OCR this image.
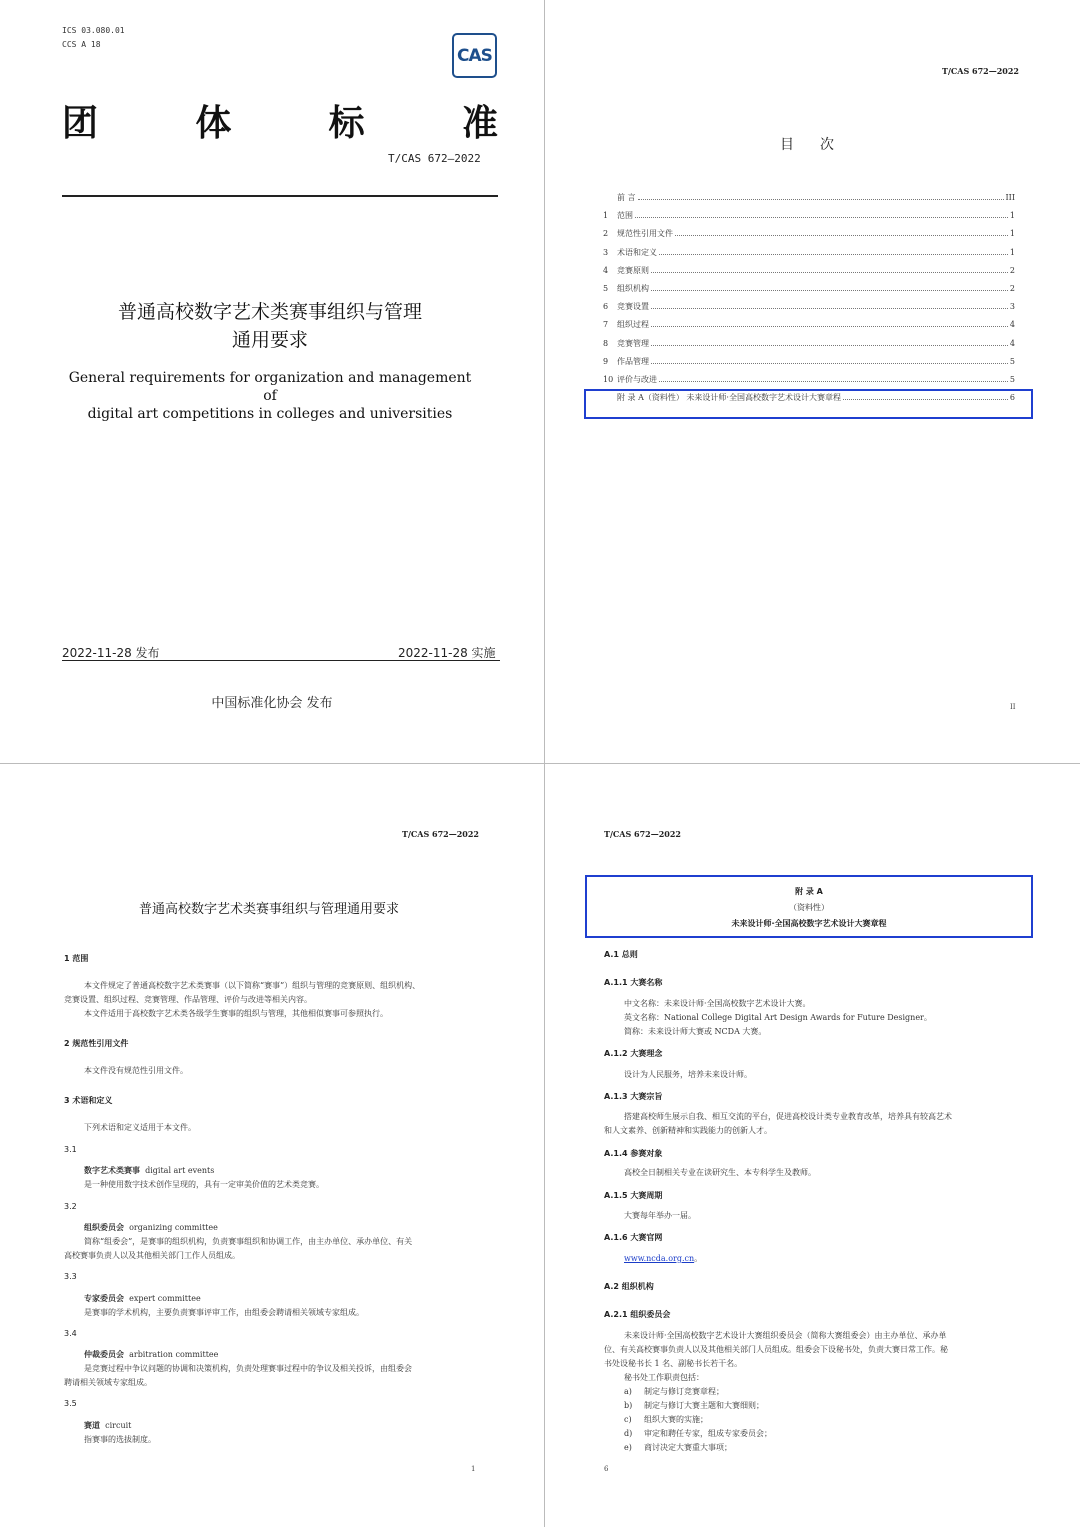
ICS 03.080.01
CCS A 18
CAS
团	体	标	准
T/CAS 672—2022
普通高校数字艺术类赛事组织与管理
通用要求
General requirements for organization and management of
digital art competitions in colleges and universities
2022-11-28 发布	2022-11-28 实施
中国标准化协会 发布
T/CAS 672—2022
目次
前 言	III
1	范围	1
2	规范性引用文件	1
3	术语和定义	1
4	竞赛原则	2
5	组织机构	2
6	竞赛设置	3
7	组织过程	4
8	竞赛管理	4
9	作品管理	5
10 评价与改进	5
附 录 A（资料性） 未来设计师·全国高校数字艺术设计大赛章程	6
II
T/CAS 672—2022
普通高校数字艺术类赛事组织与管理通用要求
1 范围
本文件规定了普通高校数字艺术类赛事（以下简称“赛事”）组织与管理的竞赛原则、组织机构、
竞赛设置、组织过程、竞赛管理、作品管理、评价与改进等相关内容。
本文件适用于高校数字艺术类各级学生赛事的组织与管理，其他相似赛事可参照执行。
2 规范性引用文件
本文件没有规范性引用文件。
3 术语和定义
下列术语和定义适用于本文件。
3.1
数字艺术类赛事 digital art events
是一种使用数字技术创作呈现的，具有一定审美价值的艺术类竞赛。
3.2
组织委员会 organizing committee
简称“组委会”，是赛事的组织机构，负责赛事组织和协调工作，由主办单位、承办单位、有关
高校赛事负责人以及其他相关部门工作人员组成。
3.3
专家委员会 expert committee
是赛事的学术机构，主要负责赛事评审工作，由组委会聘请相关领域专家组成。
3.4
仲裁委员会 arbitration committee
是竞赛过程中争议问题的协调和决策机构，负责处理赛事过程中的争议及相关投诉，由组委会
聘请相关领域专家组成。
3.5
赛道 circuit
指赛事的选拔制度。
1
T/CAS 672—2022
附 录 A
（资料性）
未来设计师·全国高校数字艺术设计大赛章程
A.1 总则
A.1.1 大赛名称
中文名称：未来设计师·全国高校数字艺术设计大赛。
英文名称：National College Digital Art Design Awards for Future Designer。
简称：未来设计师大赛或 NCDA 大赛。
A.1.2 大赛理念
设计为人民服务，培养未来设计师。
A.1.3 大赛宗旨
搭建高校师生展示自我、相互交流的平台，促进高校设计类专业教育改革，培养具有较高艺术
和人文素养、创新精神和实践能力的创新人才。
A.1.4 参赛对象
高校全日制相关专业在读研究生、本专科学生及教师。
A.1.5 大赛周期
大赛每年举办一届。
A.1.6 大赛官网
www.ncda.org.cn。
A.2 组织机构
A.2.1 组织委员会
未来设计师·全国高校数字艺术设计大赛组织委员会（简称大赛组委会）由主办单位、承办单
位、有关高校赛事负责人以及其他相关部门人员组成。组委会下设秘书处，负责大赛日常工作。秘
书处设秘书长 1 名、副秘书长若干名。
秘书处工作职责包括：
a) 制定与修订竞赛章程；
b) 制定与修订大赛主题和大赛细则；
c) 组织大赛的实施；
d) 审定和聘任专家，组成专家委员会；
e) 商讨决定大赛重大事项；
6
